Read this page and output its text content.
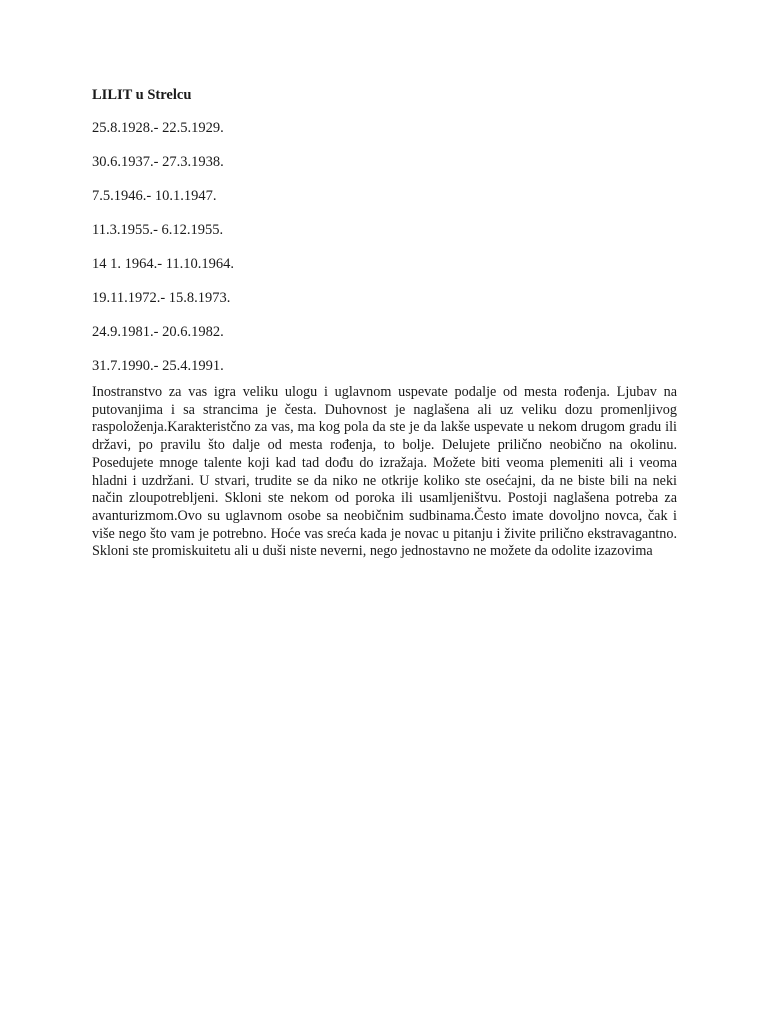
LILIT u Strelcu
25.8.1928.- 22.5.1929.
30.6.1937.- 27.3.1938.
7.5.1946.- 10.1.1947.
11.3.1955.- 6.12.1955.
14 1. 1964.- 11.10.1964.
19.11.1972.- 15.8.1973.
24.9.1981.- 20.6.1982.
31.7.1990.- 25.4.1991.

Inostranstvo za vas igra veliku ulogu i uglavnom uspevate podalje od mesta rođenja. Ljubav na putovanjima i sa strancima je česta. Duhovnost je naglašena ali uz veliku dozu promenljivog raspoloženja.Karakteristčno za vas, ma kog pola da ste je da lakše uspevate u nekom drugom gradu ili državi, po pravilu što dalje od mesta rođenja, to bolje. Delujete prilično neobično na okolinu. Posedujete mnoge talente koji kad tad dođu do izražaja. Možete biti veoma plemeniti ali i veoma hladni i uzdržani. U stvari, trudite se da niko ne otkrije koliko ste osećajni, da ne biste bili na neki način zloupotrebljeni. Skloni ste nekom od poroka ili usamljeništvu. Postoji naglašena potreba za avanturizmom.Ovo su uglavnom osobe sa neobičnim sudbinama.Često imate dovoljno novca, čak i više nego što vam je potrebno. Hoće vas sreća kada je novac u pitanju i živite prilično ekstravagantno. Skloni ste promiskuitetu ali u duši niste neverni, nego jednostavno ne možete da odolite izazovima
